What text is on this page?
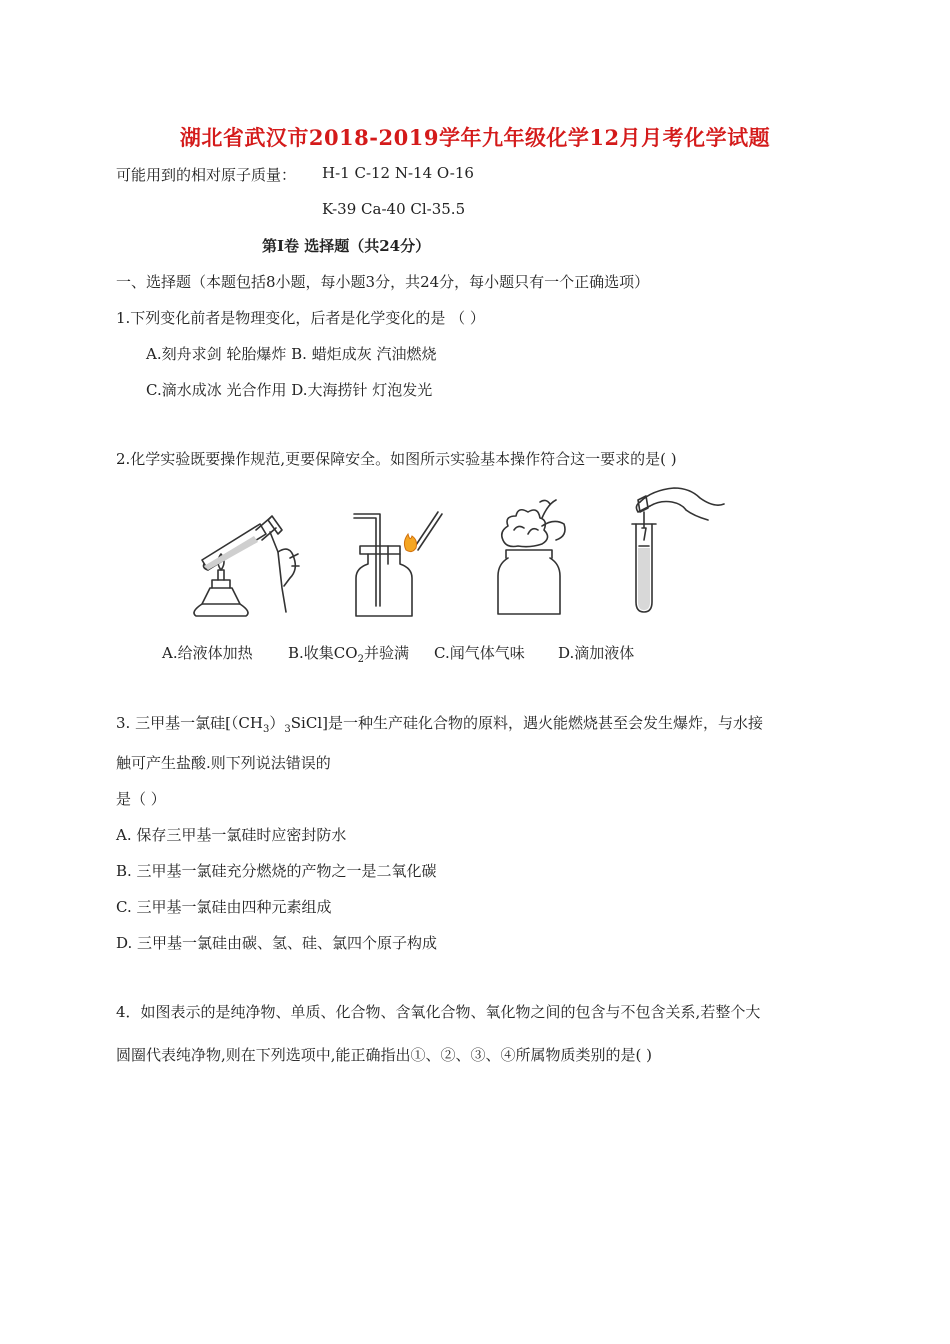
湖北省武汉市2018-2019学年九年级化学12月月考化学试题
可能用到的相对原子质量： H-1 C-12 N-14 O-16
K-39 Ca-40 Cl-35.5
第Ⅰ卷 选择题（共24分）
一、选择题（本题包括8小题，每小题3分，共24分，每小题只有一个正确选项）
1.下列变化前者是物理变化，后者是化学变化的是 （ ）
A.刻舟求剑 轮胎爆炸 B. 蜡炬成灰 汽油燃烧
C.滴水成冰 光合作用 D.大海捞针 灯泡发光
2.化学实验既要操作规范,更要保障安全。如图所示实验基本操作符合这一要求的是( )
A.给液体加热 B.收集$CO_2$并验满 C.闻气体气味 D.滴加液体
3. 三甲基一氯硅$[(CH_3)_3SiCl]$是一种生产硅化合物的原料，遇火能燃烧甚至会发生爆炸，与水接
触可产生盐酸.则下列说法错误的
是（ ）
A. 保存三甲基一氯硅时应密封防水
B. 三甲基一氯硅充分燃烧的产物之一是二氧化碳
C. 三甲基一氯硅由四种元素组成
D. 三甲基一氯硅由碳、氢、硅、氯四个原子构成
4．如图表示的是纯净物、单质、化合物、含氧化合物、氧化物之间的包含与不包含关系,若整个大
圆圈代表纯净物,则在下列选项中,能正确指出①、②、③、④所属物质类别的是( )
